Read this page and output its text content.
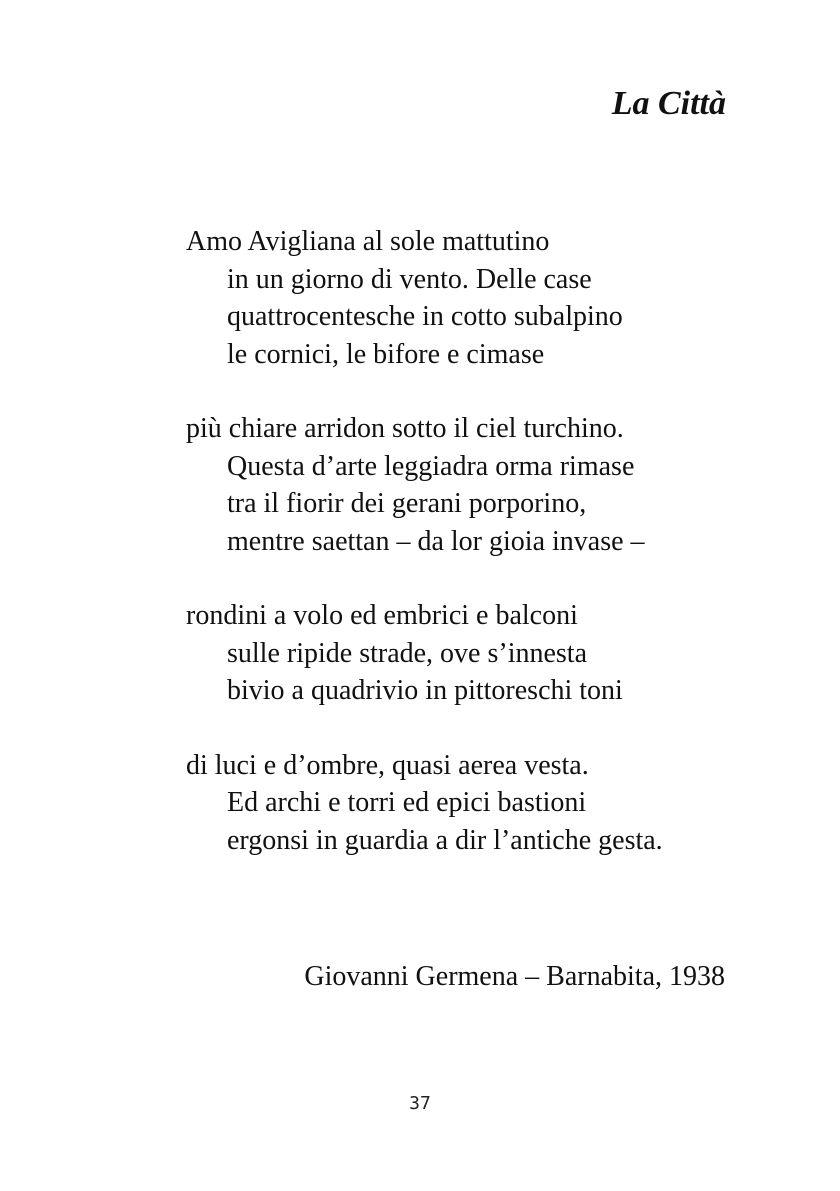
La Città
Amo Avigliana al sole mattutino
in un giorno di vento. Delle case
quattrocentesche in cotto subalpino
le cornici, le bifore e cimase
più chiare arridon sotto il ciel turchino.
Questa d’arte leggiadra orma rimase
tra il fiorir dei gerani porporino,
mentre saettan – da lor gioia invase –
rondini a volo ed embrici e balconi
sulle ripide strade, ove s’innesta
bivio a quadrivio in pittoreschi toni
di luci e d’ombre, quasi aerea vesta.
Ed archi e torri ed epici bastioni
ergonsi in guardia a dir l’antiche gesta.
Giovanni Germena – Barnabita, 1938
37
